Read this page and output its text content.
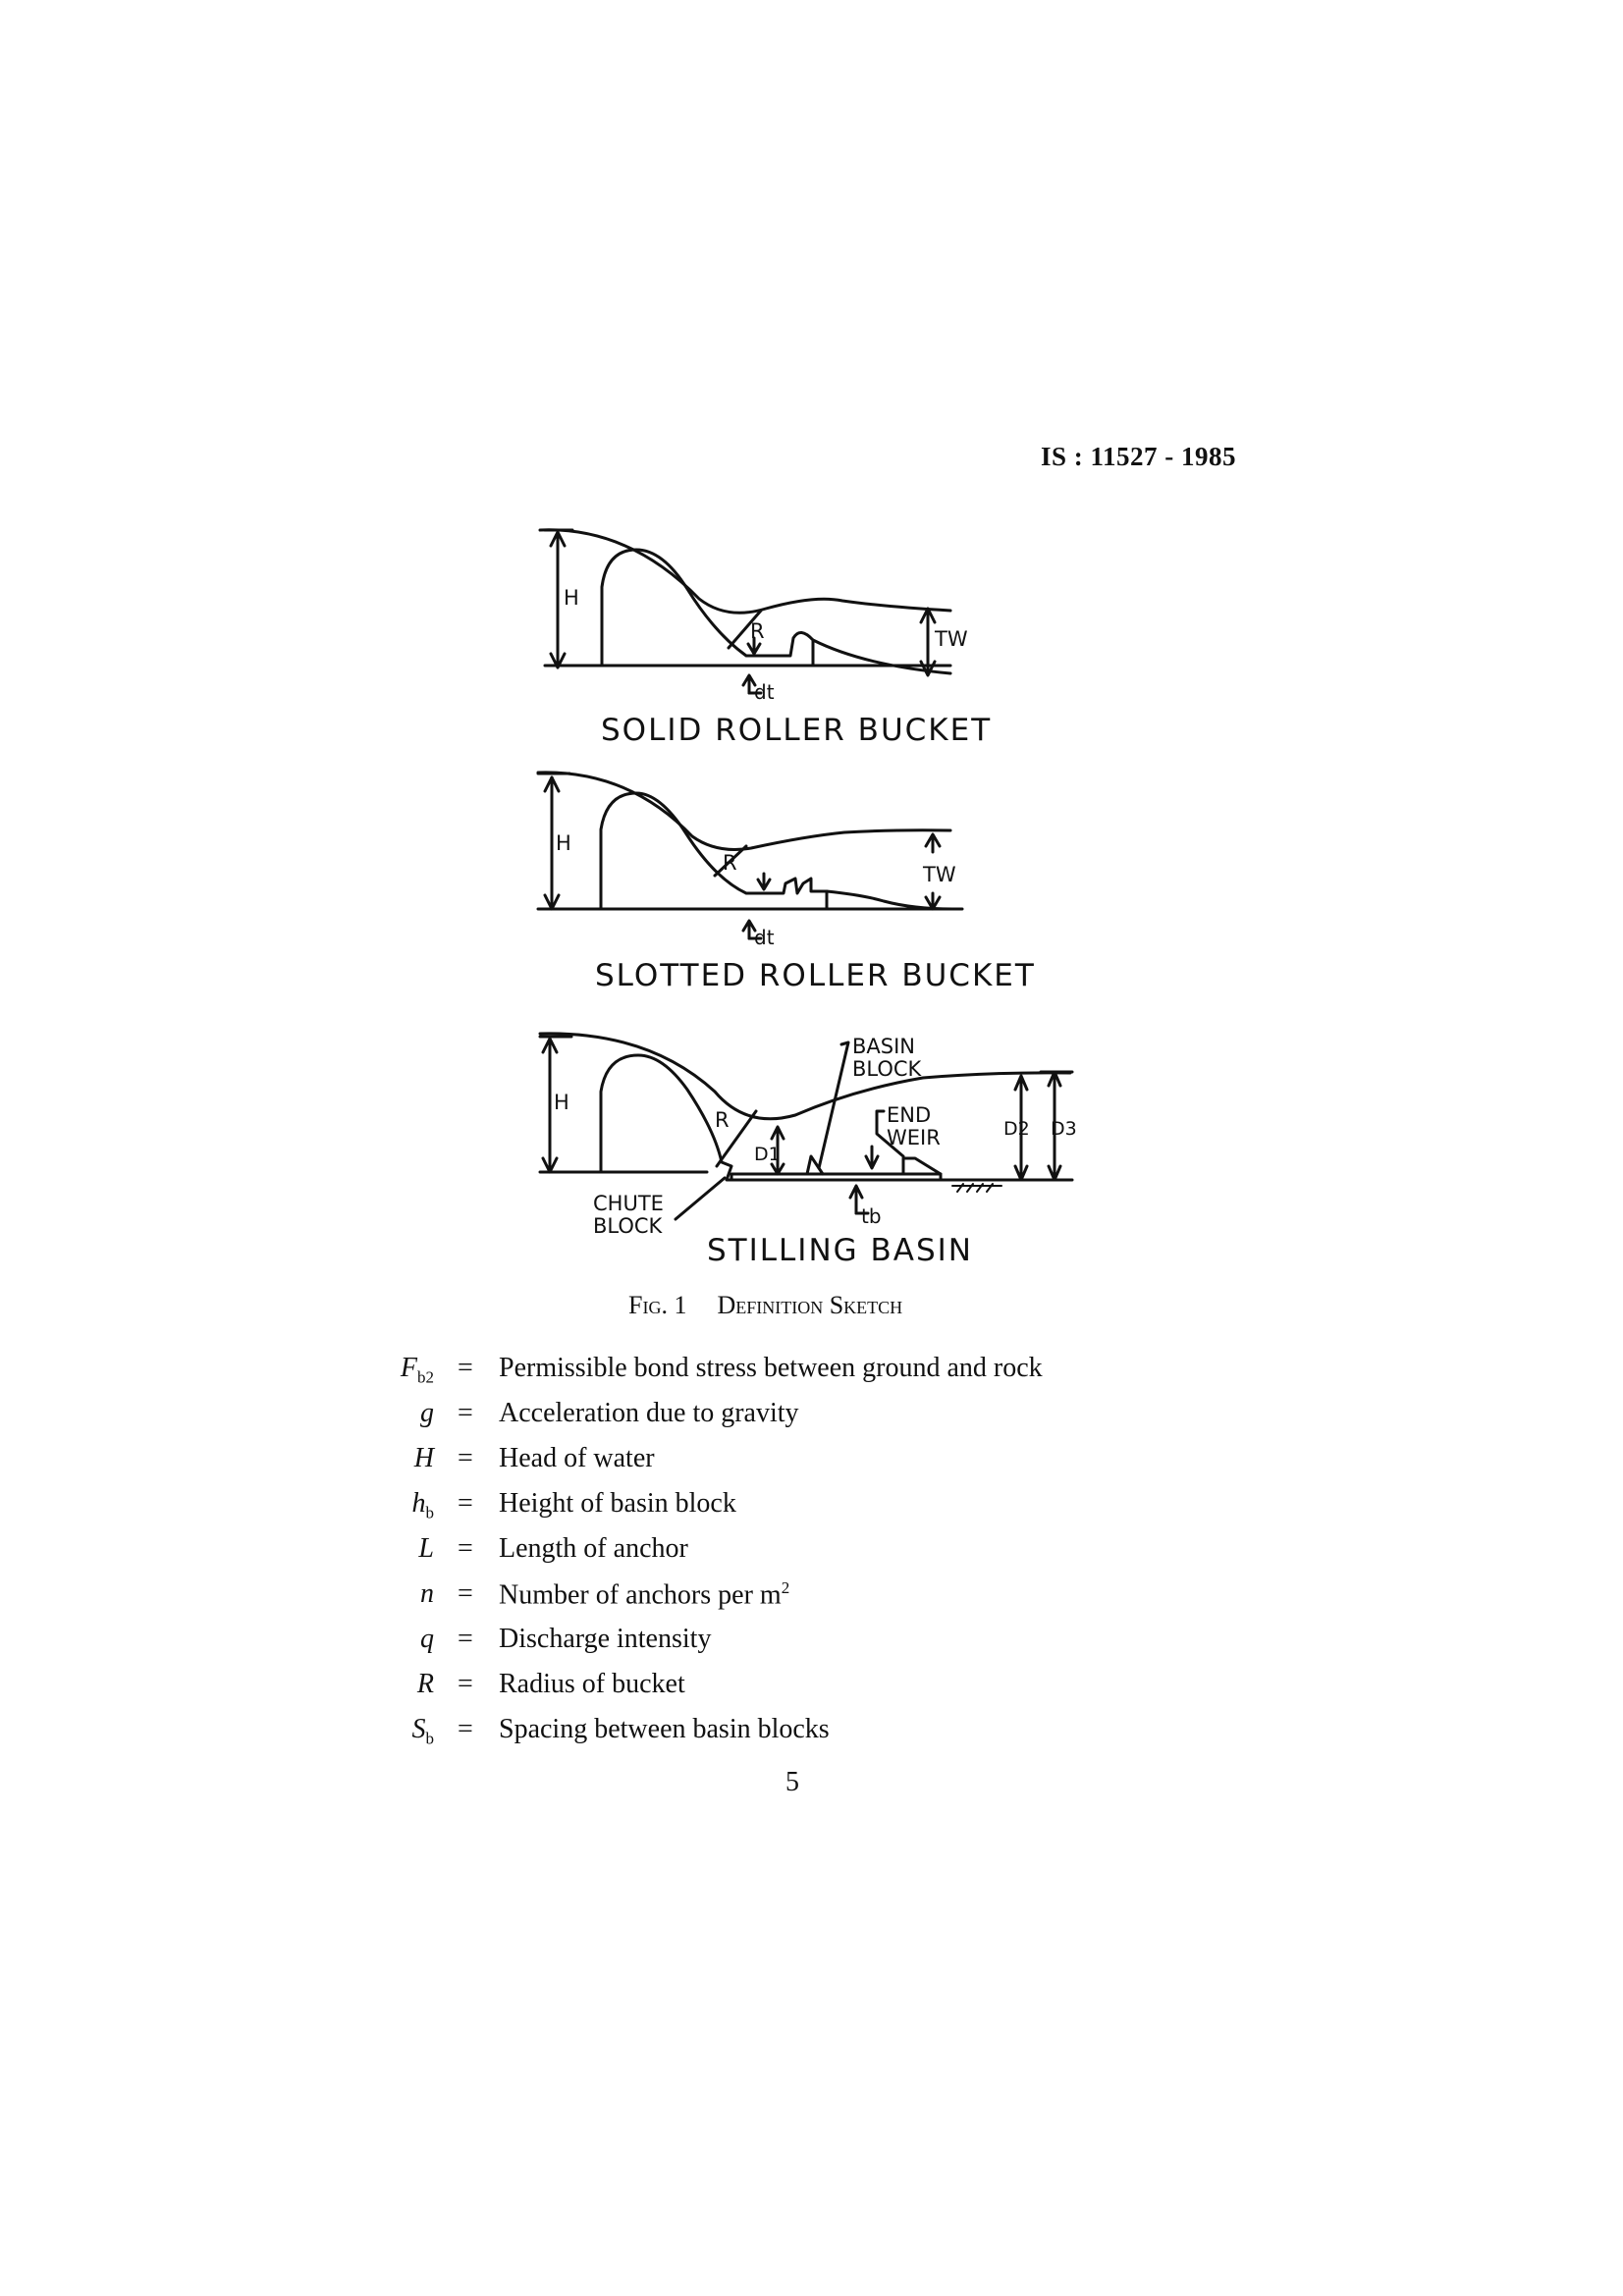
IS : 11527 - 1985
H
R	TW
dt
H
R	TW
dt
H
R
D1
BASIN
BLOCK
END
WEIR	D2 D3
CHUTE
BLOCK	tb
SOLID ROLLER BUCKET
SLOTTED ROLLER BUCKET
STILLING BASIN
Fig. 1 Definition Sketch
$F_{b2}$ = Permissible bond stress between ground and rock
g = Acceleration due to gravity
H = Head of water
$h_b$ = Height of basin block
L = Length of anchor
n = Number of anchors per $m^2$
q = Discharge intensity
R = Radius of bucket
$S_b$ = Spacing between basin blocks
5
